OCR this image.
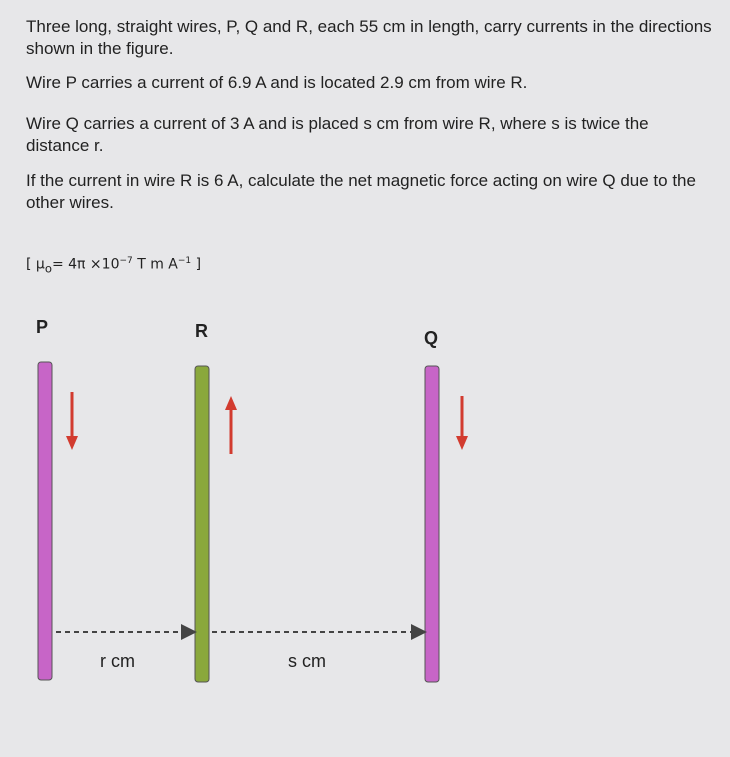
Three long, straight wires, P, Q and R, each 55 cm in length, carry currents in the directions shown in the figure.

Wire P carries a current of 6.9 A and is located 2.9 cm from wire R.

Wire Q carries a current of 3 A and is placed s cm from wire R, where s is twice the distance r.

If the current in wire R is 6 A, calculate the net magnetic force acting on wire Q due to the other wires.

[ $\mu_o= 4\pi \times 10^{-7}$ T m $A^{-1}$ ]

P	R	Q
r cm	s cm
